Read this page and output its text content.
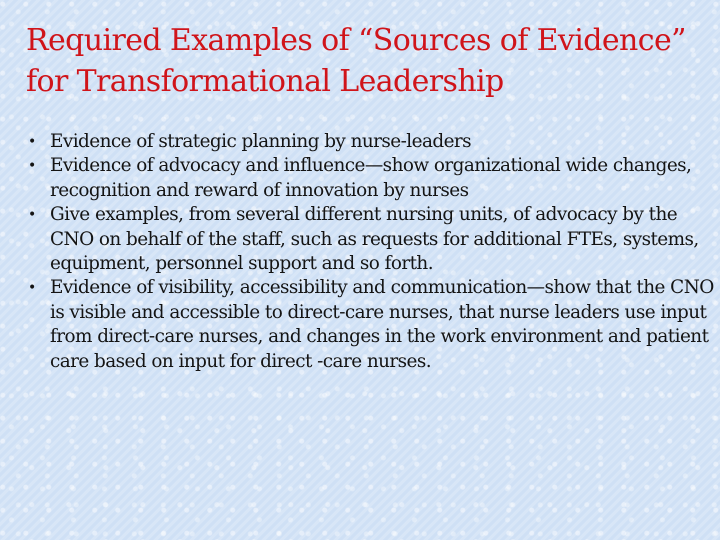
Required Examples of “Sources of Evidence” for Transformational Leadership
• Evidence of strategic planning by nurse-leaders
• Evidence of advocacy and influence—show organizational wide changes, recognition and reward of innovation by nurses
• Give examples, from several different nursing units, of advocacy by the CNO on behalf of the staff, such as requests for additional FTEs, systems, equipment, personnel support and so forth.
• Evidence of visibility, accessibility and communication—show that the CNO is visible and accessible to direct-care nurses, that nurse leaders use input from direct-care nurses, and changes in the work environment and patient care based on input for direct -care nurses.
